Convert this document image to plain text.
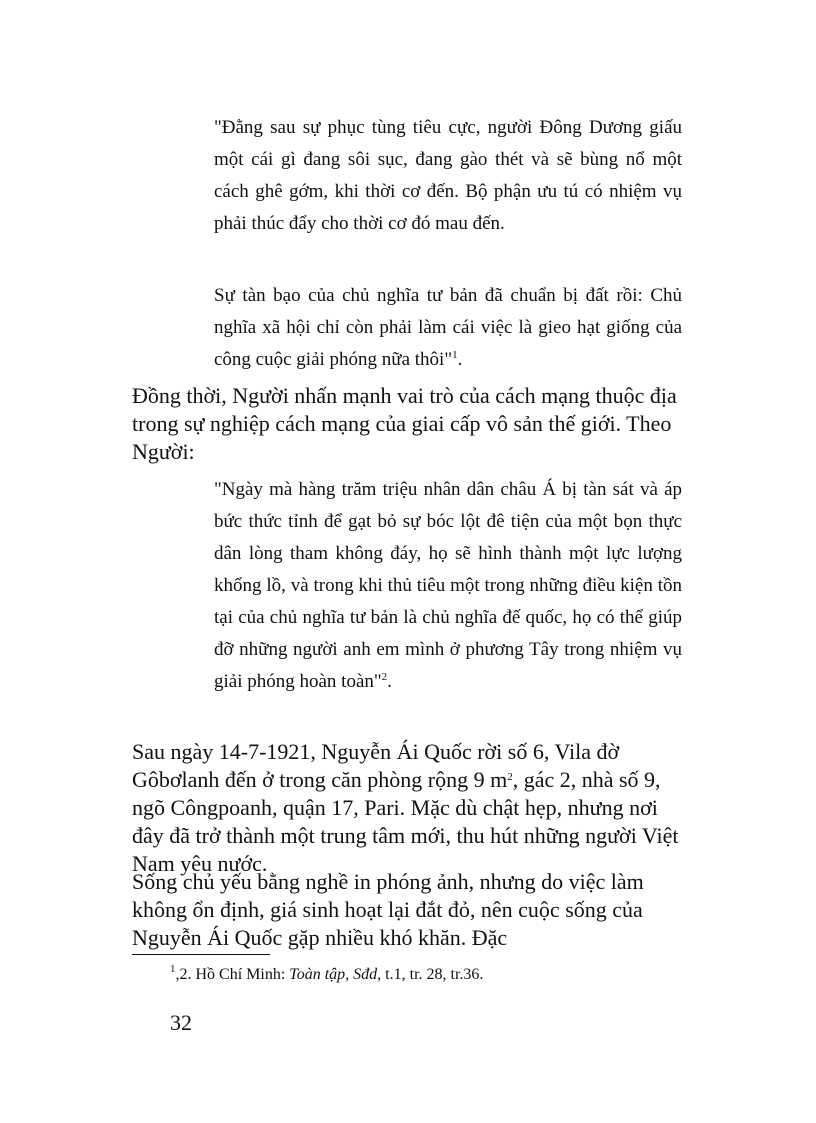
"Đằng sau sự phục tùng tiêu cực, người Đông Dương giấu một cái gì đang sôi sục, đang gào thét và sẽ bùng nổ một cách ghê gớm, khi thời cơ đến. Bộ phận ưu tú có nhiệm vụ phải thúc đẩy cho thời cơ đó mau đến.

Sự tàn bạo của chủ nghĩa tư bản đã chuẩn bị đất rồi: Chủ nghĩa xã hội chỉ còn phải làm cái việc là gieo hạt giống của công cuộc giải phóng nữa thôi"$^1$.

Đồng thời, Người nhấn mạnh vai trò của cách mạng thuộc địa trong sự nghiệp cách mạng của giai cấp vô sản thế giới. Theo Người:

"Ngày mà hàng trăm triệu nhân dân châu Á bị tàn sát và áp bức thức tỉnh để gạt bỏ sự bóc lột đê tiện của một bọn thực dân lòng tham không đáy, họ sẽ hình thành một lực lượng khổng lồ, và trong khi thủ tiêu một trong những điều kiện tồn tại của chủ nghĩa tư bản là chủ nghĩa đế quốc, họ có thể giúp đỡ những người anh em mình ở phương Tây trong nhiệm vụ giải phóng hoàn toàn"$^2$.

Sau ngày 14-7-1921, Nguyễn Ái Quốc rời số 6, Vila đờ Gôbơlanh đến ở trong căn phòng rộng 9 $m^2$, gác 2, nhà số 9, ngõ Côngpoanh, quận 17, Pari. Mặc dù chật hẹp, nhưng nơi đây đã trở thành một trung tâm mới, thu hút những người Việt Nam yêu nước.

Sống chủ yếu bằng nghề in phóng ảnh, nhưng do việc làm không ổn định, giá sinh hoạt lại đắt đỏ, nên cuộc sống của Nguyễn Ái Quốc gặp nhiều khó khăn. Đặc

$^1$,2. Hồ Chí Minh: Toàn tập, Sđd, t.1, tr. 28, tr.36.

32
